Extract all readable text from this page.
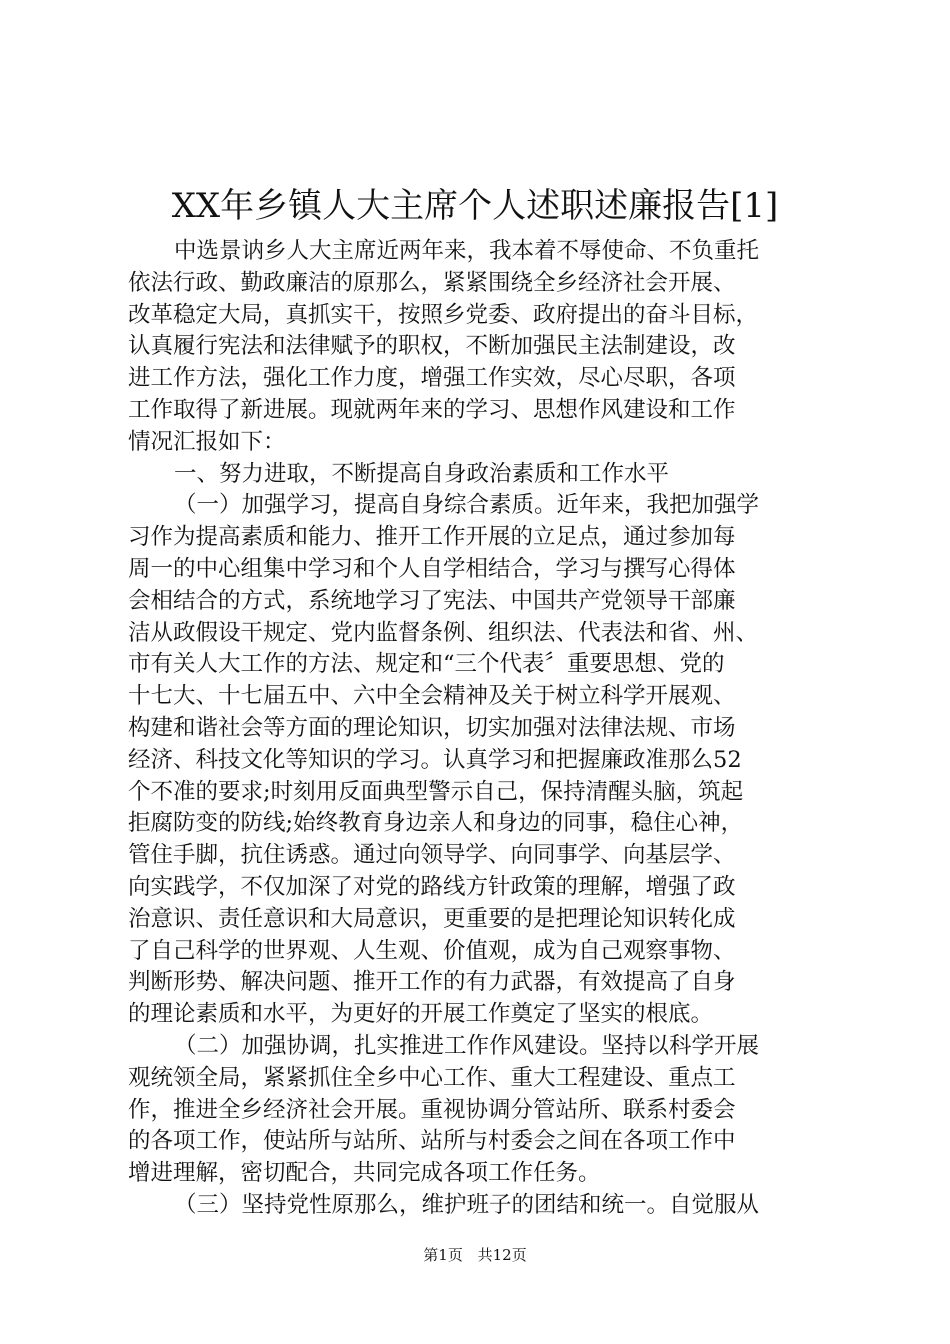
XX年乡镇人大主席个人述职述廉报告[1]

中选景讷乡人大主席近两年来，我本着不辱使命、不负重托

依法行政、勤政廉洁的原那么，紧紧围绕全乡经济社会开展、

改革稳定大局，真抓实干，按照乡党委、政府提出的奋斗目标，

认真履行宪法和法律赋予的职权，不断加强民主法制建设，改

进工作方法，强化工作力度，增强工作实效，尽心尽职，各项

工作取得了新进展。现就两年来的学习、思想作风建设和工作

情况汇报如下：

一、努力进取，不断提高自身政治素质和工作水平

（一）加强学习，提高自身综合素质。近年来，我把加强学

习作为提高素质和能力、推开工作开展的立足点，通过参加每

周一的中心组集中学习和个人自学相结合，学习与撰写心得体

会相结合的方式，系统地学习了宪法、中国共产党领导干部廉

洁从政假设干规定、党内监督条例、组织法、代表法和省、州、

市有关人大工作的方法、规定和“三个代表〞重要思想、党的

十七大、十七届五中、六中全会精神及关于树立科学开展观、

构建和谐社会等方面的理论知识，切实加强对法律法规、市场

经济、科技文化等知识的学习。认真学习和把握廉政准那么52

个不准的要求;时刻用反面典型警示自己，保持清醒头脑，筑起

拒腐防变的防线;始终教育身边亲人和身边的同事，稳住心神，

管住手脚，抗住诱惑。通过向领导学、向同事学、向基层学、

向实践学，不仅加深了对党的路线方针政策的理解，增强了政

治意识、责任意识和大局意识，更重要的是把理论知识转化成

了自己科学的世界观、人生观、价值观，成为自己观察事物、

判断形势、解决问题、推开工作的有力武器，有效提高了自身

的理论素质和水平，为更好的开展工作奠定了坚实的根底。

（二）加强协调，扎实推进工作作风建设。坚持以科学开展

观统领全局，紧紧抓住全乡中心工作、重大工程建设、重点工

作，推进全乡经济社会开展。重视协调分管站所、联系村委会

的各项工作，使站所与站所、站所与村委会之间在各项工作中

增进理解，密切配合，共同完成各项工作任务。

（三）坚持党性原那么，维护班子的团结和统一。自觉服从

第1页 共12页
